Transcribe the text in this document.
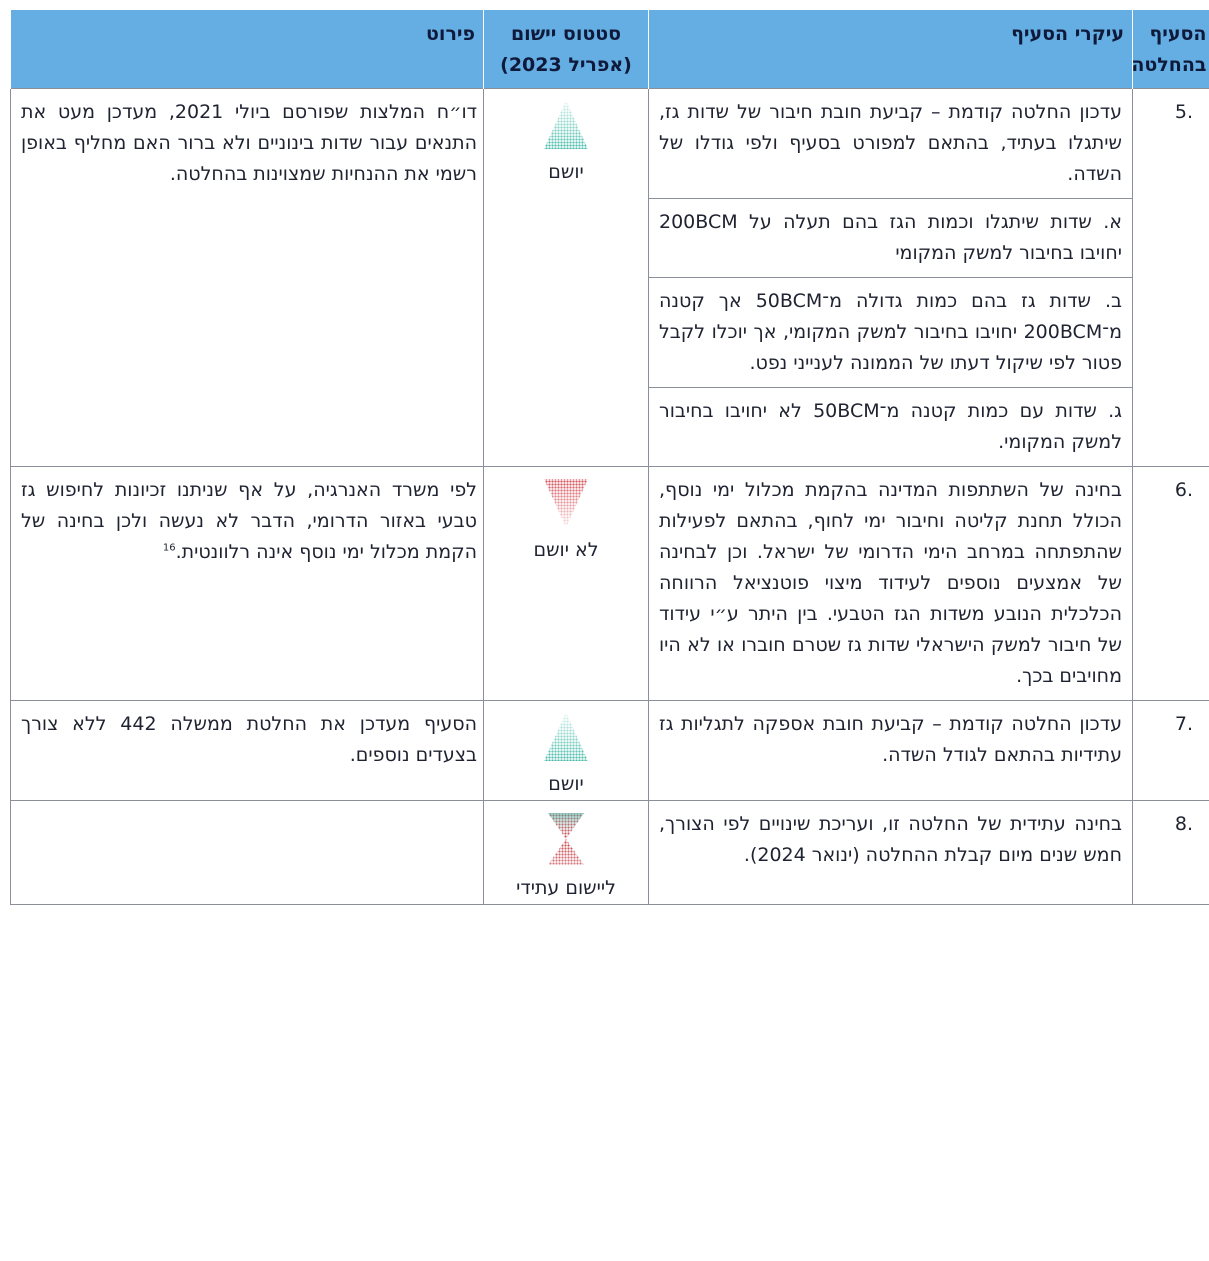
הסעיף בהחלטה	עיקרי הסעיף	סטטוס יישום (אפריל 2023)	פירוט
.5	עדכון החלטה קודמת – קביעת חובת חיבור של שדות גז, שיתגלו בעתיד, בהתאם למפורט בסעיף ולפי גודלו של השדה.
א. שדות שיתגלו וכמות הגז בהם תעלה על 200BCM יחויבו בחיבור למשק המקומי
ב. שדות גז בהם כמות גדולה מ־50BCM אך קטנה מ־200BCM יחויבו בחיבור למשק המקומי, אך יוכלו לקבל פטור לפי שיקול דעתו של הממונה לענייני נפט.
ג. שדות עם כמות קטנה מ־50BCM לא יחויבו בחיבור למשק המקומי.	יושם	דו״ח המלצות שפורסם ביולי 2021, מעדכן מעט את התנאים עבור שדות בינוניים ולא ברור האם מחליף באופן רשמי את ההנחיות שמצוינות בהחלטה.
.6	בחינה של השתתפות המדינה בהקמת מכלול ימי נוסף, הכולל תחנת קליטה וחיבור ימי לחוף, בהתאם לפעילות שהתפתחה במרחב הימי הדרומי של ישראל. וכן לבחינה של אמצעים נוספים לעידוד מיצוי פוטנציאל הרווחה הכלכלית הנובע משדות הגז הטבעי. בין היתר ע״י עידוד של חיבור למשק הישראלי שדות גז שטרם חוברו או לא היו מחויבים בכך.	לא יושם	לפי משרד האנרגיה, על אף שניתנו זכיונות לחיפוש גז טבעי באזור הדרומי, הדבר לא נעשה ולכן בחינה של הקמת מכלול ימי נוסף אינה רלוונטית.$^{16}$
.7	עדכון החלטה קודמת – קביעת חובת אספקה לתגליות גז עתידיות בהתאם לגודל השדה.	יושם	הסעיף מעדכן את החלטת ממשלה 442 ללא צורך בצעדים נוספים.
.8	בחינה עתידית של החלטה זו, ועריכת שינויים לפי הצורך, חמש שנים מיום קבלת ההחלטה (ינואר 2024).	ליישום עתידי	
